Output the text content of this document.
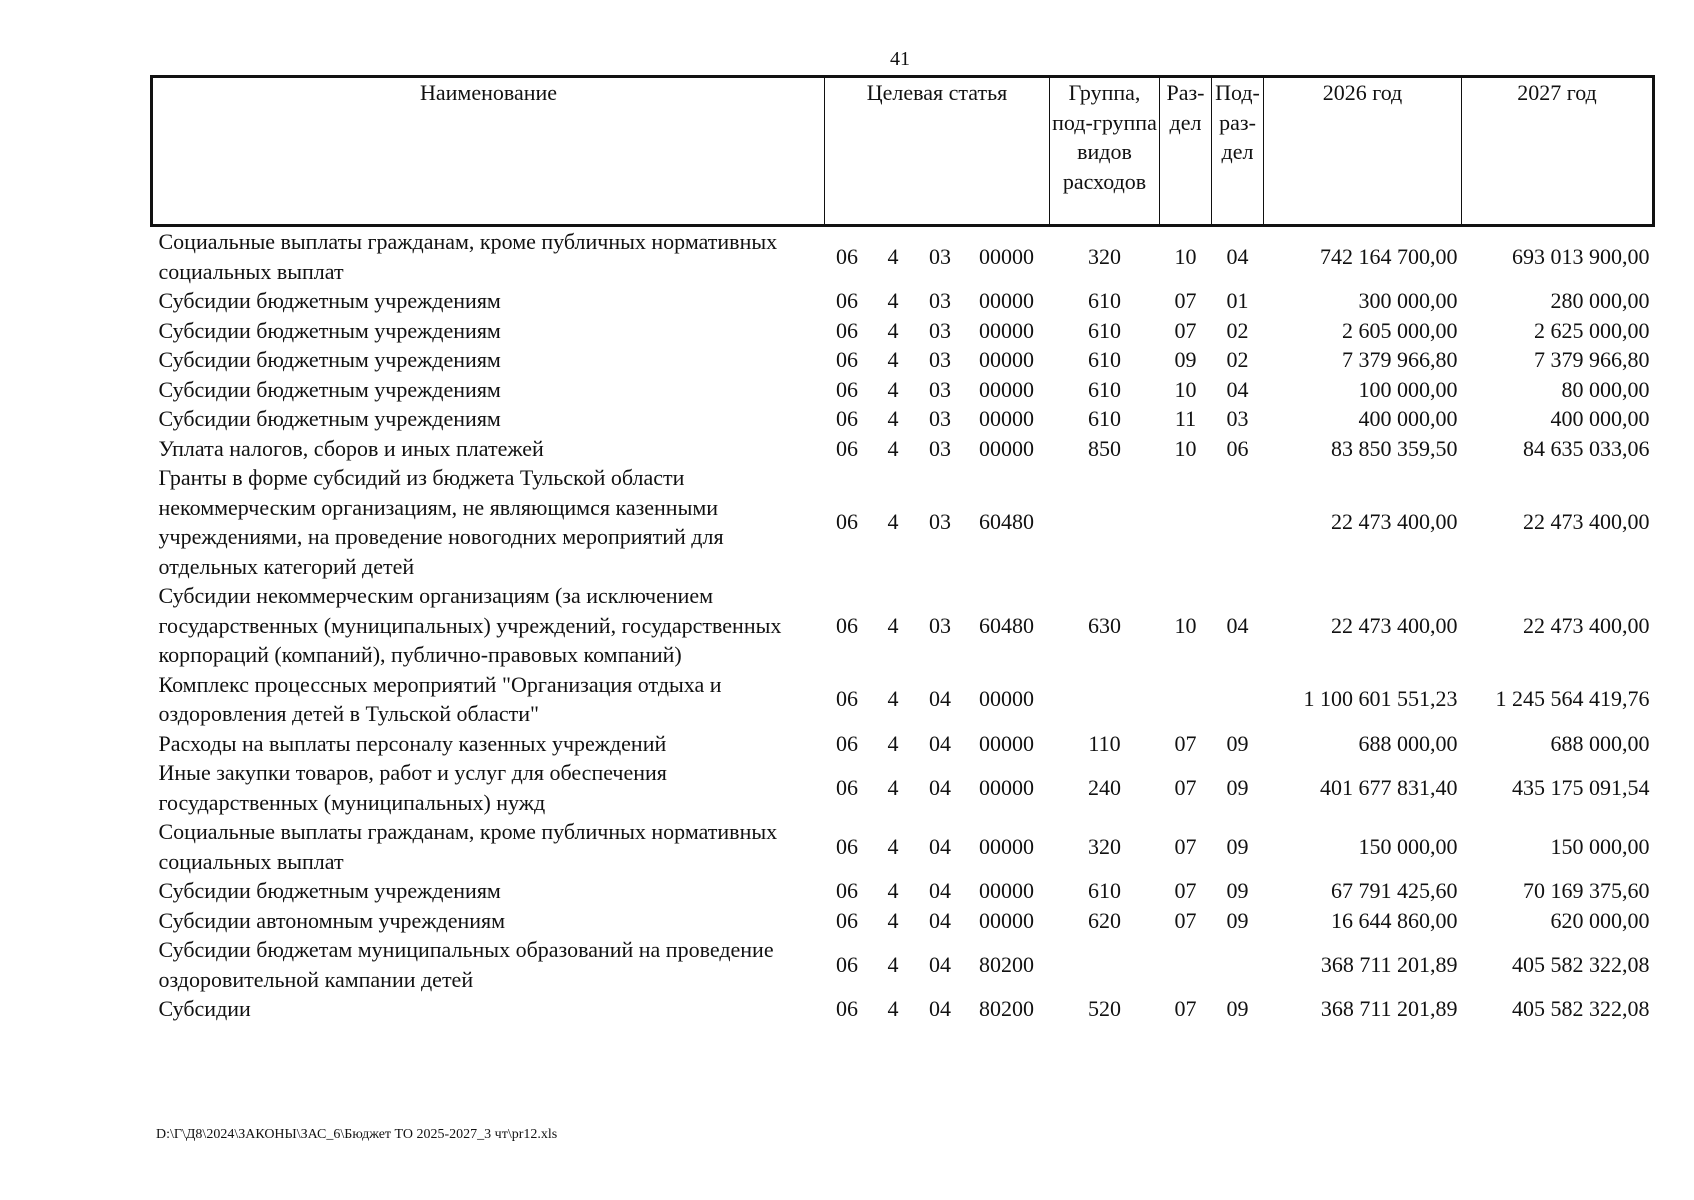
41
Наименование	Целевая статья				Группа, под-группа видов расходов	Раз-дел	Под-раз-дел	2026 год	2027 год
Социальные выплаты гражданам, кроме публичных нормативных социальных выплат	06	4	03	00000	320	10	04	742 164 700,00	693 013 900,00
Субсидии бюджетным учреждениям	06	4	03	00000	610	07	01	300 000,00	280 000,00
Субсидии бюджетным учреждениям	06	4	03	00000	610	07	02	2 605 000,00	2 625 000,00
Субсидии бюджетным учреждениям	06	4	03	00000	610	09	02	7 379 966,80	7 379 966,80
Субсидии бюджетным учреждениям	06	4	03	00000	610	10	04	100 000,00	80 000,00
Субсидии бюджетным учреждениям	06	4	03	00000	610	11	03	400 000,00	400 000,00
Уплата налогов, сборов и иных платежей	06	4	03	00000	850	10	06	83 850 359,50	84 635 033,06
Гранты в форме субсидий из бюджета Тульской области некоммерческим организациям, не являющимся казенными учреждениями, на проведение новогодних мероприятий для отдельных категорий детей	06	4	03	60480				22 473 400,00	22 473 400,00
Субсидии некоммерческим организациям (за исключением государственных (муниципальных) учреждений, государственных корпораций (компаний), публично-правовых компаний)	06	4	03	60480	630	10	04	22 473 400,00	22 473 400,00
Комплекс процессных мероприятий "Организация отдыха и оздоровления детей в Тульской области"	06	4	04	00000				1 100 601 551,23	1 245 564 419,76
Расходы на выплаты персоналу казенных учреждений	06	4	04	00000	110	07	09	688 000,00	688 000,00
Иные закупки товаров, работ и услуг для обеспечения государственных (муниципальных) нужд	06	4	04	00000	240	07	09	401 677 831,40	435 175 091,54
Социальные выплаты гражданам, кроме публичных нормативных социальных выплат	06	4	04	00000	320	07	09	150 000,00	150 000,00
Субсидии бюджетным учреждениям	06	4	04	00000	610	07	09	67 791 425,60	70 169 375,60
Субсидии автономным учреждениям	06	4	04	00000	620	07	09	16 644 860,00	620 000,00
Субсидии бюджетам муниципальных образований на проведение оздоровительной кампании детей	06	4	04	80200				368 711 201,89	405 582 322,08
Субсидии	06	4	04	80200	520	07	09	368 711 201,89	405 582 322,08
D:\Г\Д8\2024\ЗАКОНЫ\ЗАС_6\Бюджет ТО 2025-2027_3 чт\pr12.xls
